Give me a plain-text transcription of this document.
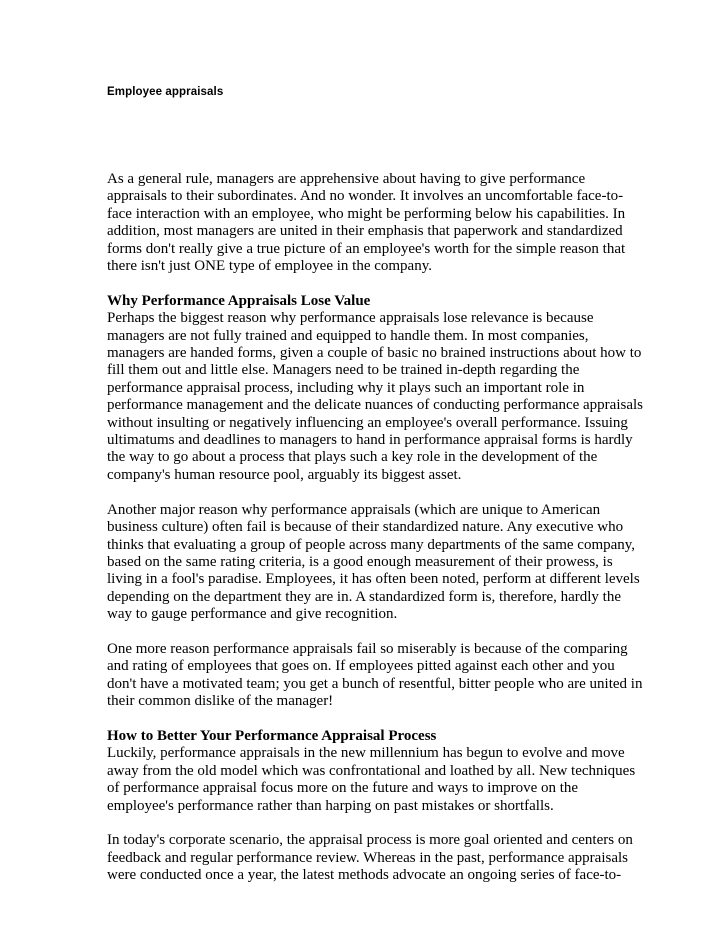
Employee appraisals

As a general rule, managers are apprehensive about having to give performance
appraisals to their subordinates. And no wonder. It involves an uncomfortable face-to-
face interaction with an employee, who might be performing below his capabilities. In
addition, most managers are united in their emphasis that paperwork and standardized
forms don't really give a true picture of an employee's worth for the simple reason that
there isn't just ONE type of employee in the company.

Why Performance Appraisals Lose Value
Perhaps the biggest reason why performance appraisals lose relevance is because
managers are not fully trained and equipped to handle them. In most companies,
managers are handed forms, given a couple of basic no brained instructions about how to
fill them out and little else. Managers need to be trained in-depth regarding the
performance appraisal process, including why it plays such an important role in
performance management and the delicate nuances of conducting performance appraisals
without insulting or negatively influencing an employee's overall performance. Issuing
ultimatums and deadlines to managers to hand in performance appraisal forms is hardly
the way to go about a process that plays such a key role in the development of the
company's human resource pool, arguably its biggest asset.

Another major reason why performance appraisals (which are unique to American
business culture) often fail is because of their standardized nature. Any executive who
thinks that evaluating a group of people across many departments of the same company,
based on the same rating criteria, is a good enough measurement of their prowess, is
living in a fool's paradise. Employees, it has often been noted, perform at different levels
depending on the department they are in. A standardized form is, therefore, hardly the
way to gauge performance and give recognition.

One more reason performance appraisals fail so miserably is because of the comparing
and rating of employees that goes on. If employees pitted against each other and you
don't have a motivated team; you get a bunch of resentful, bitter people who are united in
their common dislike of the manager!

How to Better Your Performance Appraisal Process
Luckily, performance appraisals in the new millennium has begun to evolve and move
away from the old model which was confrontational and loathed by all. New techniques
of performance appraisal focus more on the future and ways to improve on the
employee's performance rather than harping on past mistakes or shortfalls.

In today's corporate scenario, the appraisal process is more goal oriented and centers on
feedback and regular performance review. Whereas in the past, performance appraisals
were conducted once a year, the latest methods advocate an ongoing series of face-to-
